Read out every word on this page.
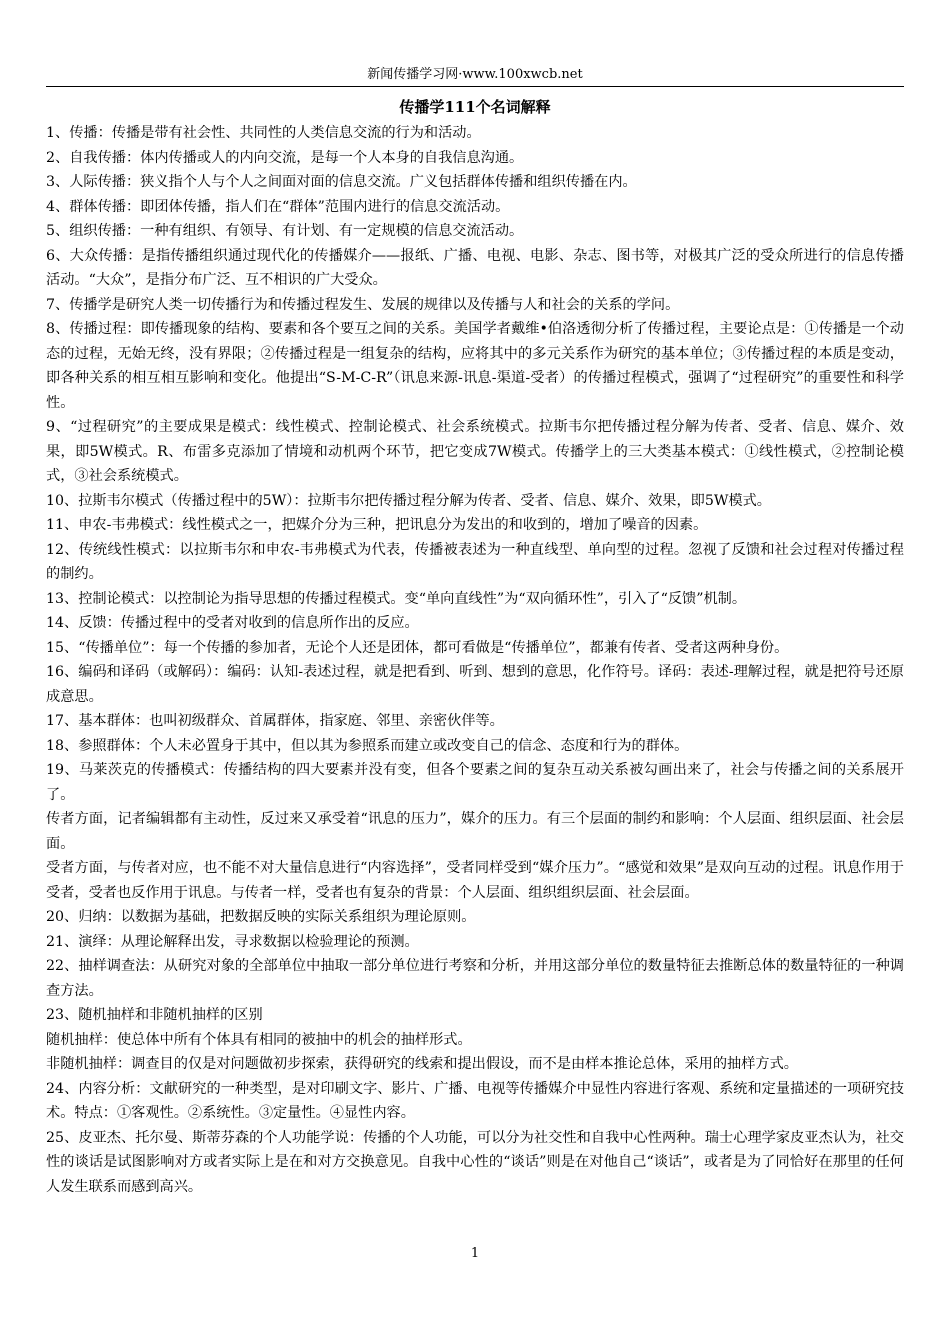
新闻传播学习网·www.100xwcb.net
传播学111个名词解释

1、传播：传播是带有社会性、共同性的人类信息交流的行为和活动。

2、自我传播：体内传播或人的内向交流，是每一个人本身的自我信息沟通。

3、人际传播：狭义指个人与个人之间面对面的信息交流。广义包括群体传播和组织传播在内。

4、群体传播：即团体传播，指人们在“群体”范围内进行的信息交流活动。

5、组织传播：一种有组织、有领导、有计划、有一定规模的信息交流活动。

6、大众传播：是指传播组织通过现代化的传播媒介——报纸、广播、电视、电影、杂志、图书等，对极其广泛的受众所进行的信息传播活动。“大众”，是指分布广泛、互不相识的广大受众。

7、传播学是研究人类一切传播行为和传播过程发生、发展的规律以及传播与人和社会的关系的学问。

8、传播过程：即传播现象的结构、要素和各个要互之间的关系。美国学者戴维•伯洛透彻分析了传播过程，主要论点是：①传播是一个动态的过程，无始无终，没有界限；②传播过程是一组复杂的结构，应将其中的多元关系作为研究的基本单位；③传播过程的本质是变动，即各种关系的相互相互影响和变化。他提出“S-M-C-R”（讯息来源-讯息-渠道-受者）的传播过程模式，强调了“过程研究”的重要性和科学性。

9、“过程研究”的主要成果是模式：线性模式、控制论模式、社会系统模式。拉斯韦尔把传播过程分解为传者、受者、信息、媒介、效果，即5W模式。R、布雷多克添加了情境和动机两个环节，把它变成7W模式。传播学上的三大类基本模式：①线性模式，②控制论模式，③社会系统模式。

10、拉斯韦尔模式（传播过程中的5W）：拉斯韦尔把传播过程分解为传者、受者、信息、媒介、效果，即5W模式。

11、申农-韦弗模式：线性模式之一，把媒介分为三种，把讯息分为发出的和收到的，增加了噪音的因素。

12、传统线性模式：以拉斯韦尔和申农-韦弗模式为代表，传播被表述为一种直线型、单向型的过程。忽视了反馈和社会过程对传播过程的制约。

13、控制论模式：以控制论为指导思想的传播过程模式。变“单向直线性”为“双向循环性”，引入了“反馈”机制。

14、反馈：传播过程中的受者对收到的信息所作出的反应。

15、“传播单位”：每一个传播的参加者，无论个人还是团体，都可看做是“传播单位”，都兼有传者、受者这两种身份。

16、编码和译码（或解码）：编码：认知-表述过程，就是把看到、听到、想到的意思，化作符号。译码：表述-理解过程，就是把符号还原成意思。

17、基本群体：也叫初级群众、首属群体，指家庭、邻里、亲密伙伴等。

18、参照群体：个人未必置身于其中，但以其为参照系而建立或改变自己的信念、态度和行为的群体。

19、马莱茨克的传播模式：传播结构的四大要素并没有变，但各个要素之间的复杂互动关系被勾画出来了，社会与传播之间的关系展开了。

传者方面，记者编辑都有主动性，反过来又承受着“讯息的压力”，媒介的压力。有三个层面的制约和影响：个人层面、组织层面、社会层面。

受者方面，与传者对应，也不能不对大量信息进行“内容选择”，受者同样受到“媒介压力”。“感觉和效果”是双向互动的过程。讯息作用于受者，受者也反作用于讯息。与传者一样，受者也有复杂的背景：个人层面、组织组织层面、社会层面。

20、归纳：以数据为基础，把数据反映的实际关系组织为理论原则。

21、演绎：从理论解释出发，寻求数据以检验理论的预测。

22、抽样调查法：从研究对象的全部单位中抽取一部分单位进行考察和分析，并用这部分单位的数量特征去推断总体的数量特征的一种调查方法。

23、随机抽样和非随机抽样的区别

随机抽样：使总体中所有个体具有相同的被抽中的机会的抽样形式。

非随机抽样：调查目的仅是对问题做初步探索，获得研究的线索和提出假设，而不是由样本推论总体，采用的抽样方式。

24、内容分析：文献研究的一种类型，是对印刷文字、影片、广播、电视等传播媒介中显性内容进行客观、系统和定量描述的一项研究技术。特点：①客观性。②系统性。③定量性。④显性内容。

25、皮亚杰、托尔曼、斯蒂芬森的个人功能学说：传播的个人功能，可以分为社交性和自我中心性两种。瑞士心理学家皮亚杰认为，社交性的谈话是试图影响对方或者实际上是在和对方交换意见。自我中心性的“谈话”则是在对他自己“谈话”，或者是为了同恰好在那里的任何人发生联系而感到高兴。

1
